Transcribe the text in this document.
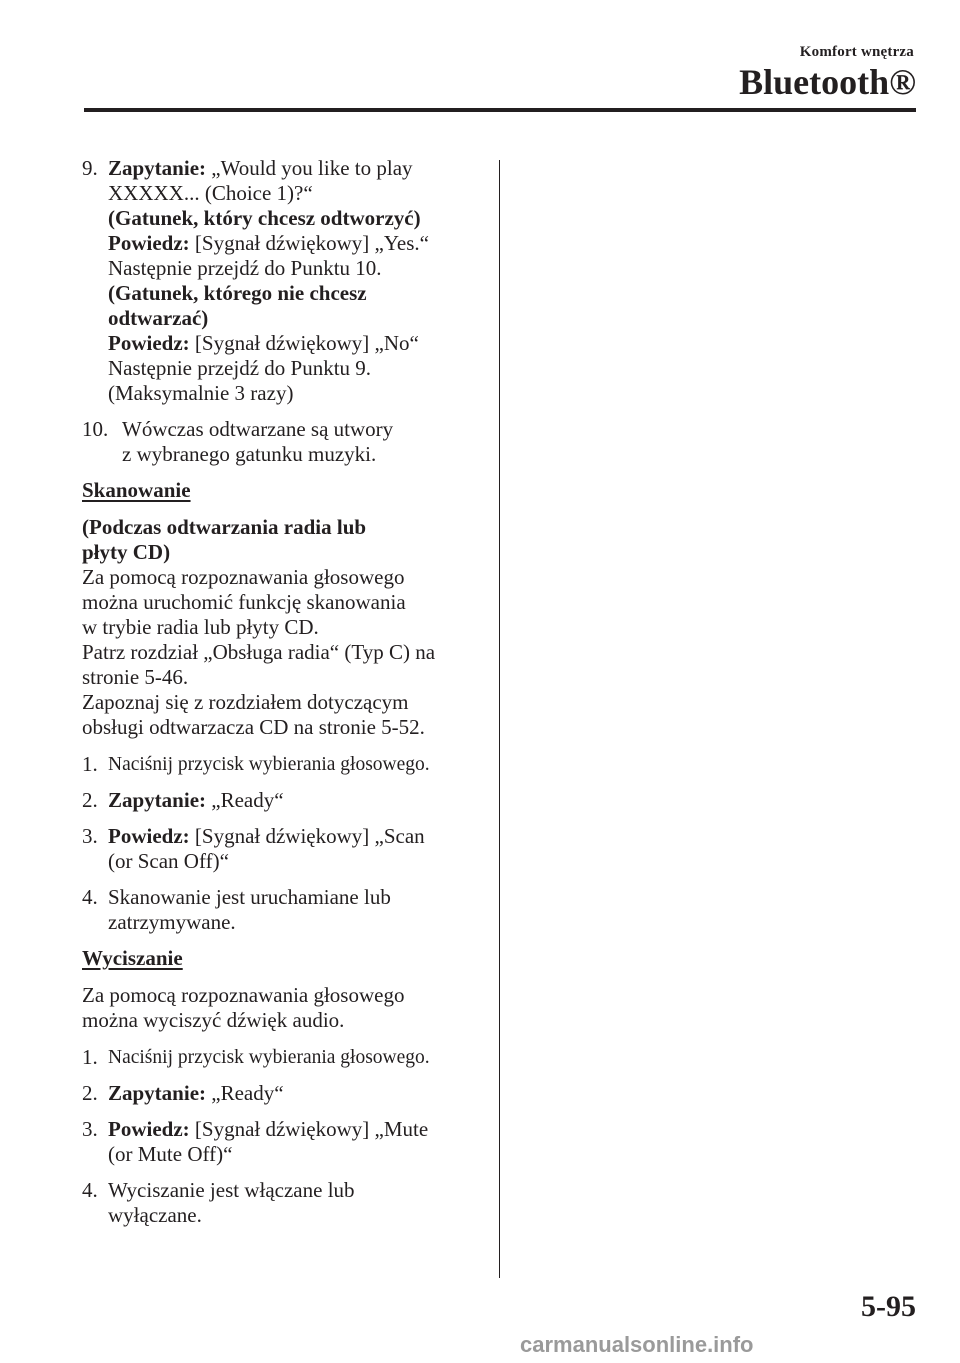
Komfort wnętrza
Bluetooth®
9. Zapytanie: „Would you like to play
XXXXX... (Choice 1)?“
(Gatunek, który chcesz odtworzyć)
Powiedz: [Sygnał dźwiękowy] „Yes.“
Następnie przejdź do Punktu 10.
(Gatunek, którego nie chcesz
odtwarzać)
Powiedz: [Sygnał dźwiękowy] „No“
Następnie przejdź do Punktu 9.
(Maksymalnie 3 razy)
10. Wówczas odtwarzane są utwory
z wybranego gatunku muzyki.
Skanowanie
(Podczas odtwarzania radia lub
płyty CD)
Za pomocą rozpoznawania głosowego
można uruchomić funkcję skanowania
w trybie radia lub płyty CD.
Patrz rozdział „Obsługa radia“ (Typ C) na
stronie 5-46.
Zapoznaj się z rozdziałem dotyczącym
obsługi odtwarzacza CD na stronie 5-52.
1. Naciśnij przycisk wybierania głosowego.
2. Zapytanie: „Ready“
3. Powiedz: [Sygnał dźwiękowy] „Scan
(or Scan Off)“
4. Skanowanie jest uruchamiane lub
zatrzymywane.
Wyciszanie
Za pomocą rozpoznawania głosowego
można wyciszyć dźwięk audio.
1. Naciśnij przycisk wybierania głosowego.
2. Zapytanie: „Ready“
3. Powiedz: [Sygnał dźwiękowy] „Mute
(or Mute Off)“
4. Wyciszanie jest włączane lub
wyłączane.
5-95
carmanualsonline.info
